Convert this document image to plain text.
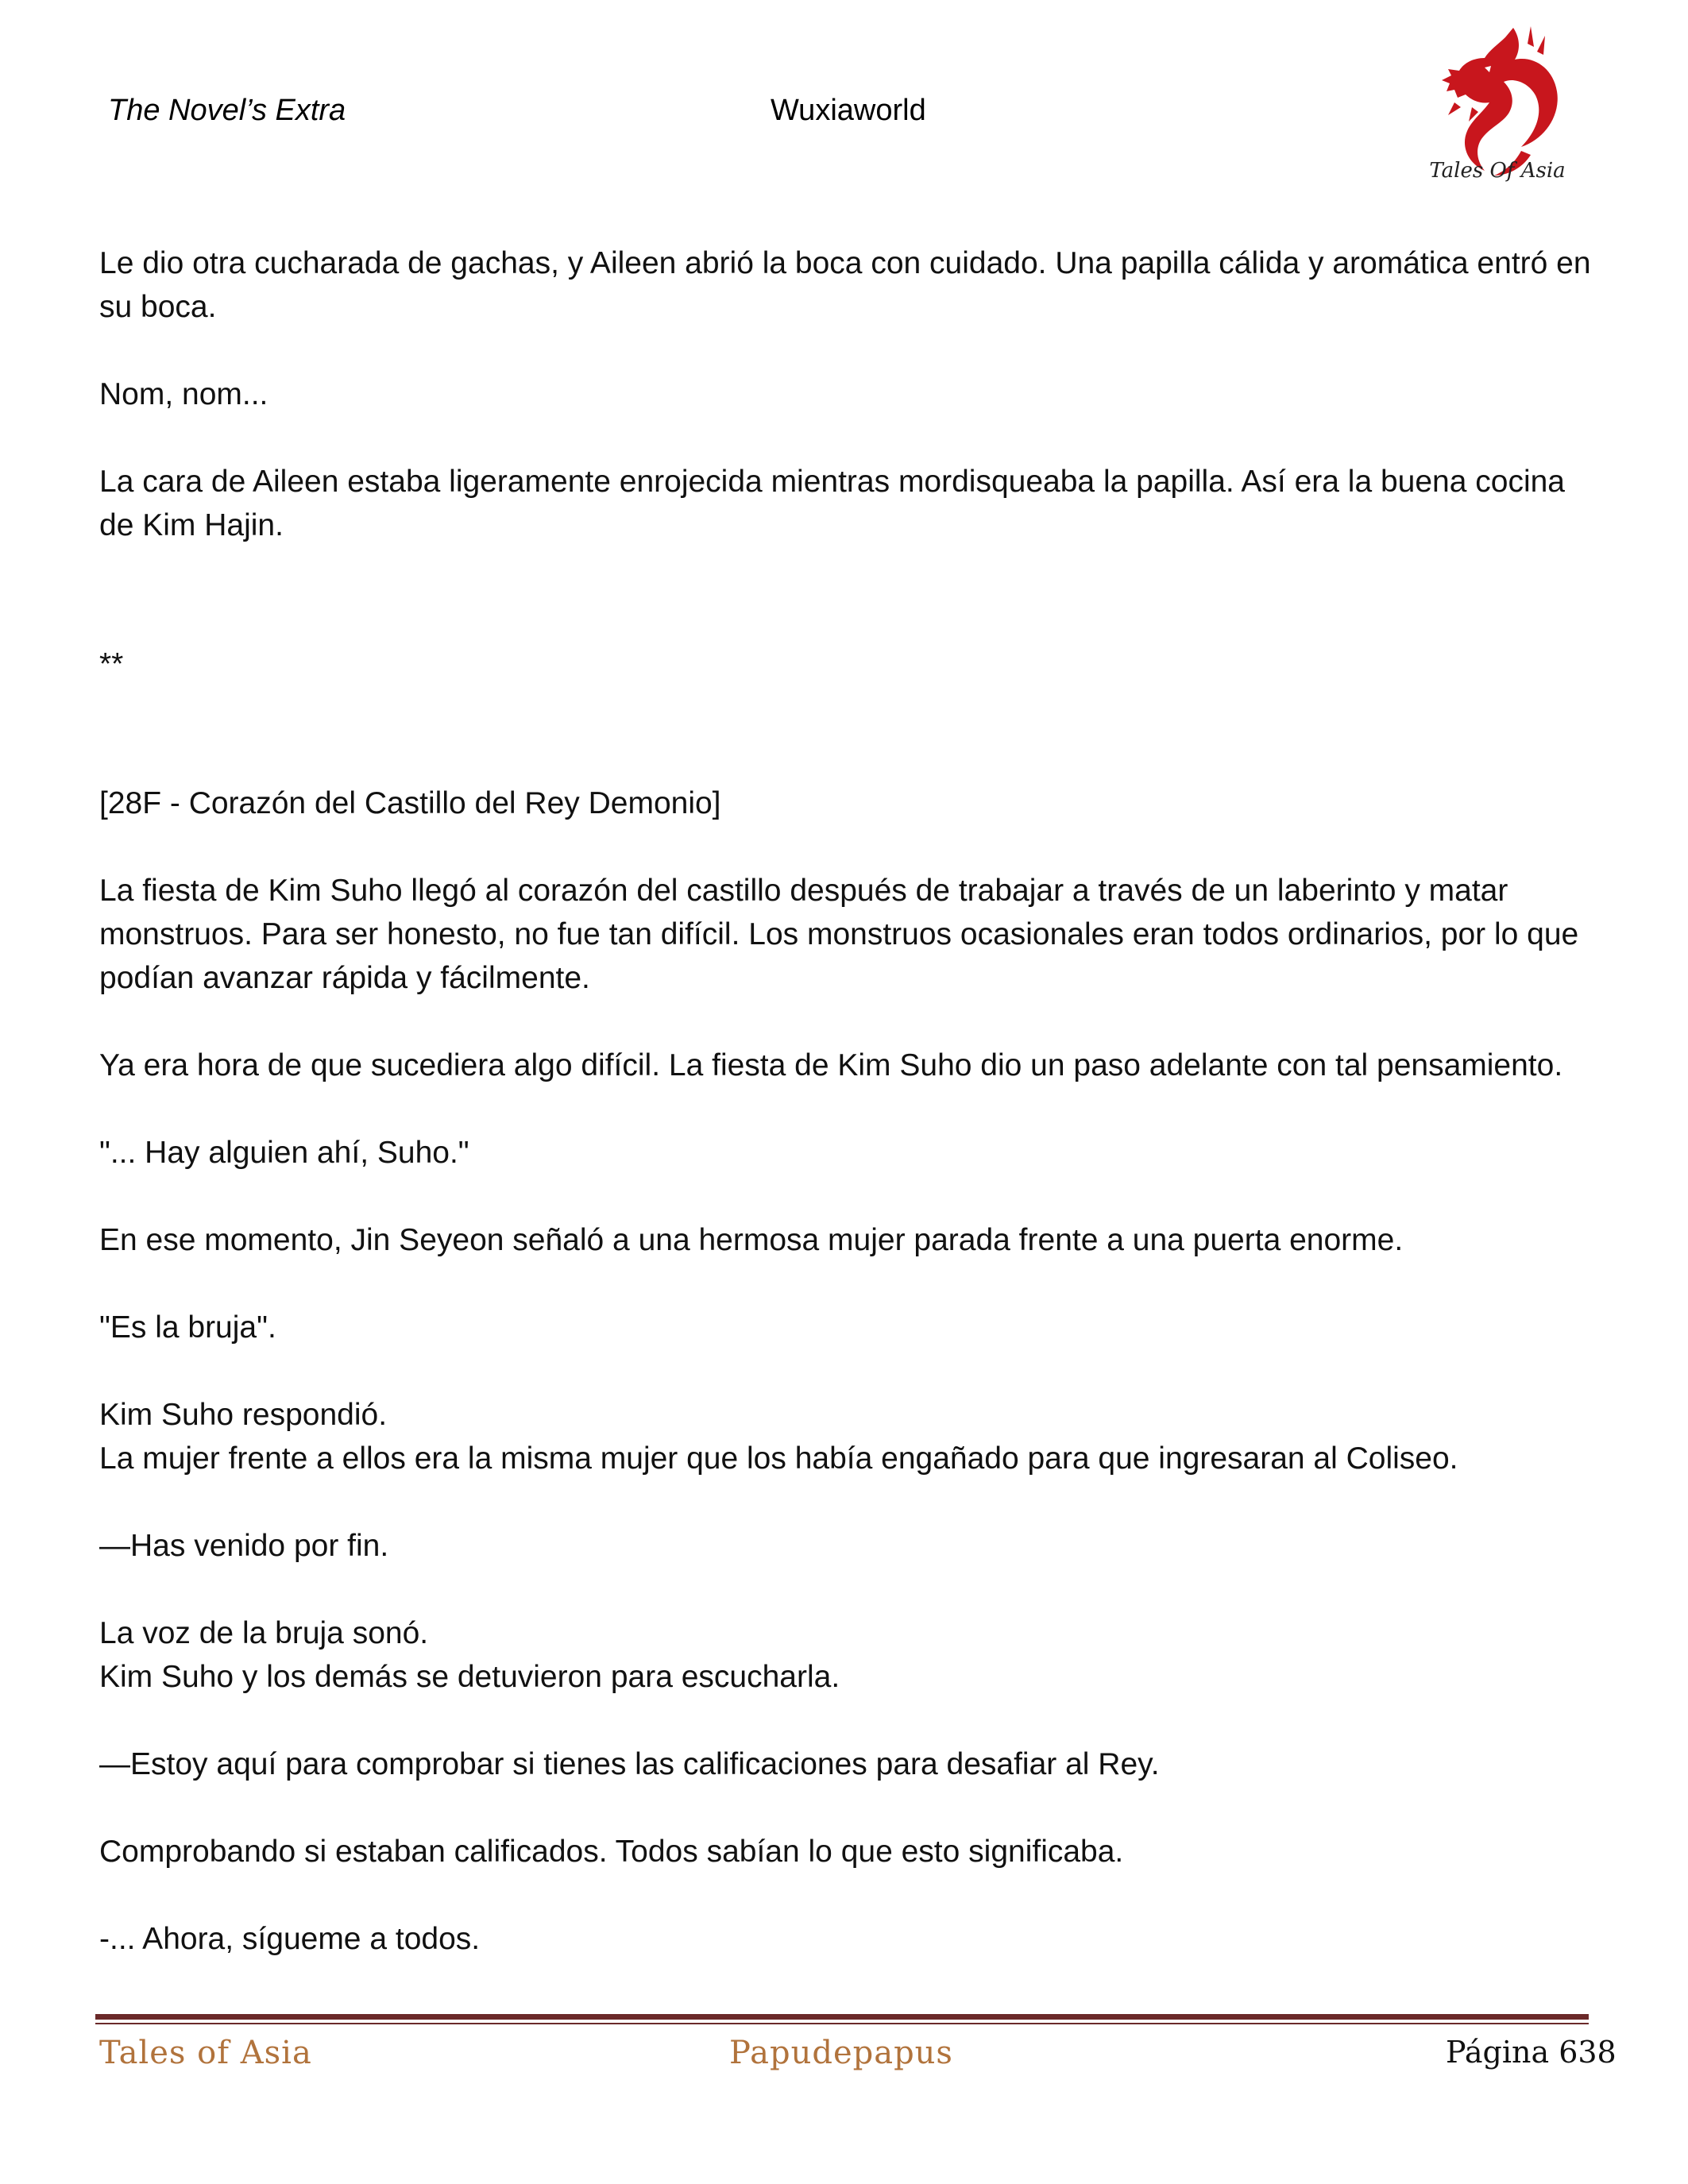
The Novel’s Extra	Wuxiaworld
Tales Of Asia

Le dio otra cucharada de gachas, y Aileen abrió la boca con cuidado. Una papilla cálida y aromática entró en su boca.

Nom, nom...

La cara de Aileen estaba ligeramente enrojecida mientras mordisqueaba la papilla. Así era la buena cocina de Kim Hajin.

**

[28F - Corazón del Castillo del Rey Demonio]

La fiesta de Kim Suho llegó al corazón del castillo después de trabajar a través de un laberinto y matar monstruos. Para ser honesto, no fue tan difícil. Los monstruos ocasionales eran todos ordinarios, por lo que podían avanzar rápida y fácilmente.

Ya era hora de que sucediera algo difícil. La fiesta de Kim Suho dio un paso adelante con tal pensamiento.

"... Hay alguien ahí, Suho."

En ese momento, Jin Seyeon señaló a una hermosa mujer parada frente a una puerta enorme.

"Es la bruja".

Kim Suho respondió.

La mujer frente a ellos era la misma mujer que los había engañado para que ingresaran al Coliseo.

—Has venido por fin.

La voz de la bruja sonó.

Kim Suho y los demás se detuvieron para escucharla.

—Estoy aquí para comprobar si tienes las calificaciones para desafiar al Rey.

Comprobando si estaban calificados. Todos sabían lo que esto significaba.

-... Ahora, sígueme a todos.

Tales of Asia	Papudepapus	Página 638
